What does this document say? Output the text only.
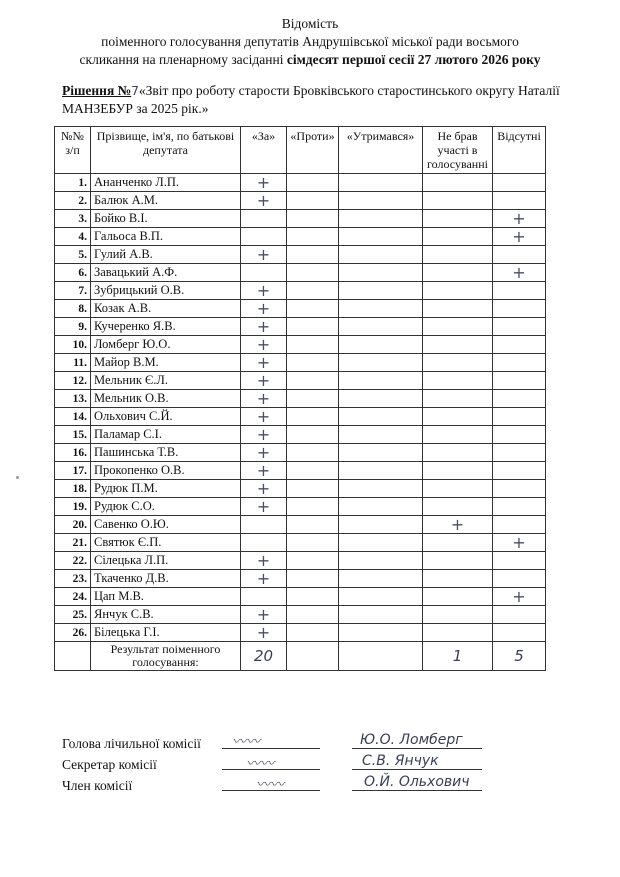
Відомість
поіменного голосування депутатів Андрушівської міської ради восьмого
скликання на пленарному засіданні сімдесят першої сесії 27 лютого 2026 року
Рішення №7«Звіт про роботу старости Бровківського старостинського округу Наталії МАНЗЕБУР за 2025 рік.»
№№ з/п	Прізвище, ім'я, по батькові депутата	«За»	«Проти»	«Утримався»	Не брав участі в голосуванні	Відсутні
1.	Ананченко Л.П.	+				
2.	Балюк А.М.	+				
3.	Бойко В.І.					+
4.	Гальоса В.П.					+
5.	Гулий А.В.	+				
6.	Завацький А.Ф.					+
7.	Зубрицький О.В.	+				
8.	Козак А.В.	+				
9.	Кучеренко Я.В.	+				
10.	Ломберг Ю.О.	+				
11.	Майор В.М.	+				
12.	Мельник Є.Л.	+				
13.	Мельник О.В.	+				
14.	Ольхович С.Й.	+				
15.	Паламар С.І.	+				
16.	Пашинська Т.В.	+				
17.	Прокопенко О.В.	+				
18.	Рудюк П.М.	+				
19.	Рудюк С.О.	+				
20.	Савенко О.Ю.				+	
21.	Святюк Є.П.					+
22.	Сілецька Л.П.	+				
23.	Ткаченко Д.В.	+				
24.	Цап М.В.					+
25.	Янчук С.В.	+				
26.	Білецька Г.І.	+				
	Результат поіменного голосування:	20			1	5
Голова лічильної комісії 〰〰	Ю.О. Ломберг
Секретар комісії	〰〰	С.В. Янчук
Член комісії	〰〰	О.Й. Ольхович
